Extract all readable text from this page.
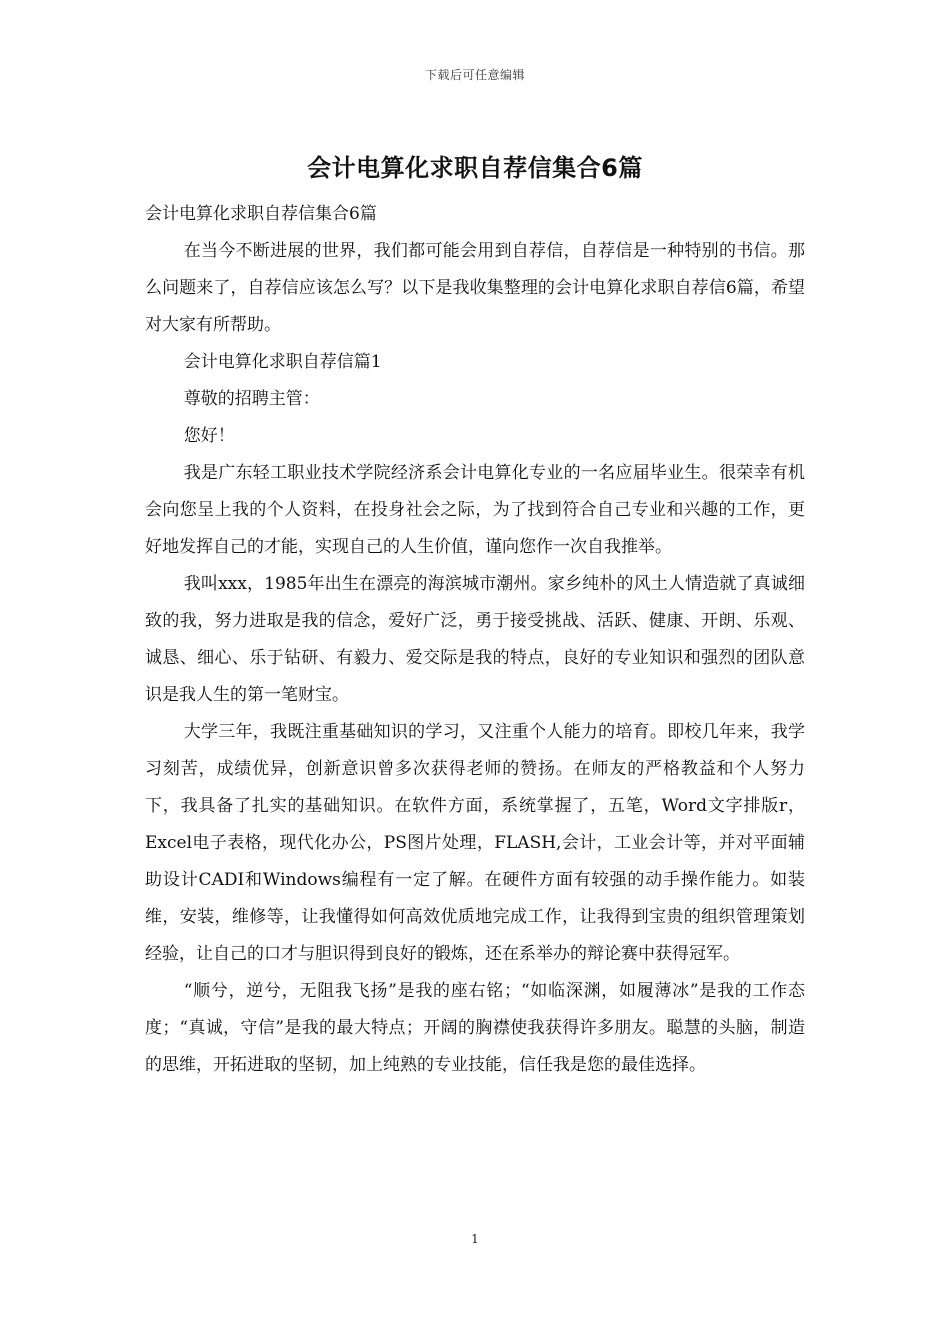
下载后可任意编辑
会计电算化求职自荐信集合6篇

会计电算化求职自荐信集合6篇

在当今不断进展的世界，我们都可能会用到自荐信，自荐信是一种特别的书信。那么问题来了，自荐信应该怎么写？以下是我收集整理的会计电算化求职自荐信6篇，希望对大家有所帮助。

会计电算化求职自荐信篇1

尊敬的招聘主管：

您好！

我是广东轻工职业技术学院经济系会计电算化专业的一名应届毕业生。很荣幸有机会向您呈上我的个人资料，在投身社会之际，为了找到符合自己专业和兴趣的工作，更好地发挥自己的才能，实现自己的人生价值，谨向您作一次自我推举。

我叫xxx，1985年出生在漂亮的海滨城市潮州。家乡纯朴的风土人情造就了真诚细致的我，努力进取是我的信念，爱好广泛，勇于接受挑战、活跃、健康、开朗、乐观、诚恳、细心、乐于钻研、有毅力、爱交际是我的特点，良好的专业知识和强烈的团队意识是我人生的第一笔财宝。

大学三年，我既注重基础知识的学习，又注重个人能力的培育。即校几年来，我学习刻苦，成绩优异，创新意识曾多次获得老师的赞扬。在师友的严格教益和个人努力下，我具备了扎实的基础知识。在软件方面，系统掌握了，五笔，Word文字排版r，Excel电子表格，现代化办公，PS图片处理，FLASH,会计，工业会计等，并对平面辅助设计CADI和Windows编程有一定了解。在硬件方面有较强的动手操作能力。如装维，安装，维修等，让我懂得如何高效优质地完成工作，让我得到宝贵的组织管理策划经验，让自己的口才与胆识得到良好的锻炼，还在系举办的辩论赛中获得冠军。

“顺兮，逆兮，无阻我飞扬”是我的座右铭；“如临深渊，如履薄冰”是我的工作态度；“真诚，守信”是我的最大特点；开阔的胸襟使我获得许多朋友。聪慧的头脑，制造的思维，开拓进取的坚韧，加上纯熟的专业技能，信任我是您的最佳选择。

1
